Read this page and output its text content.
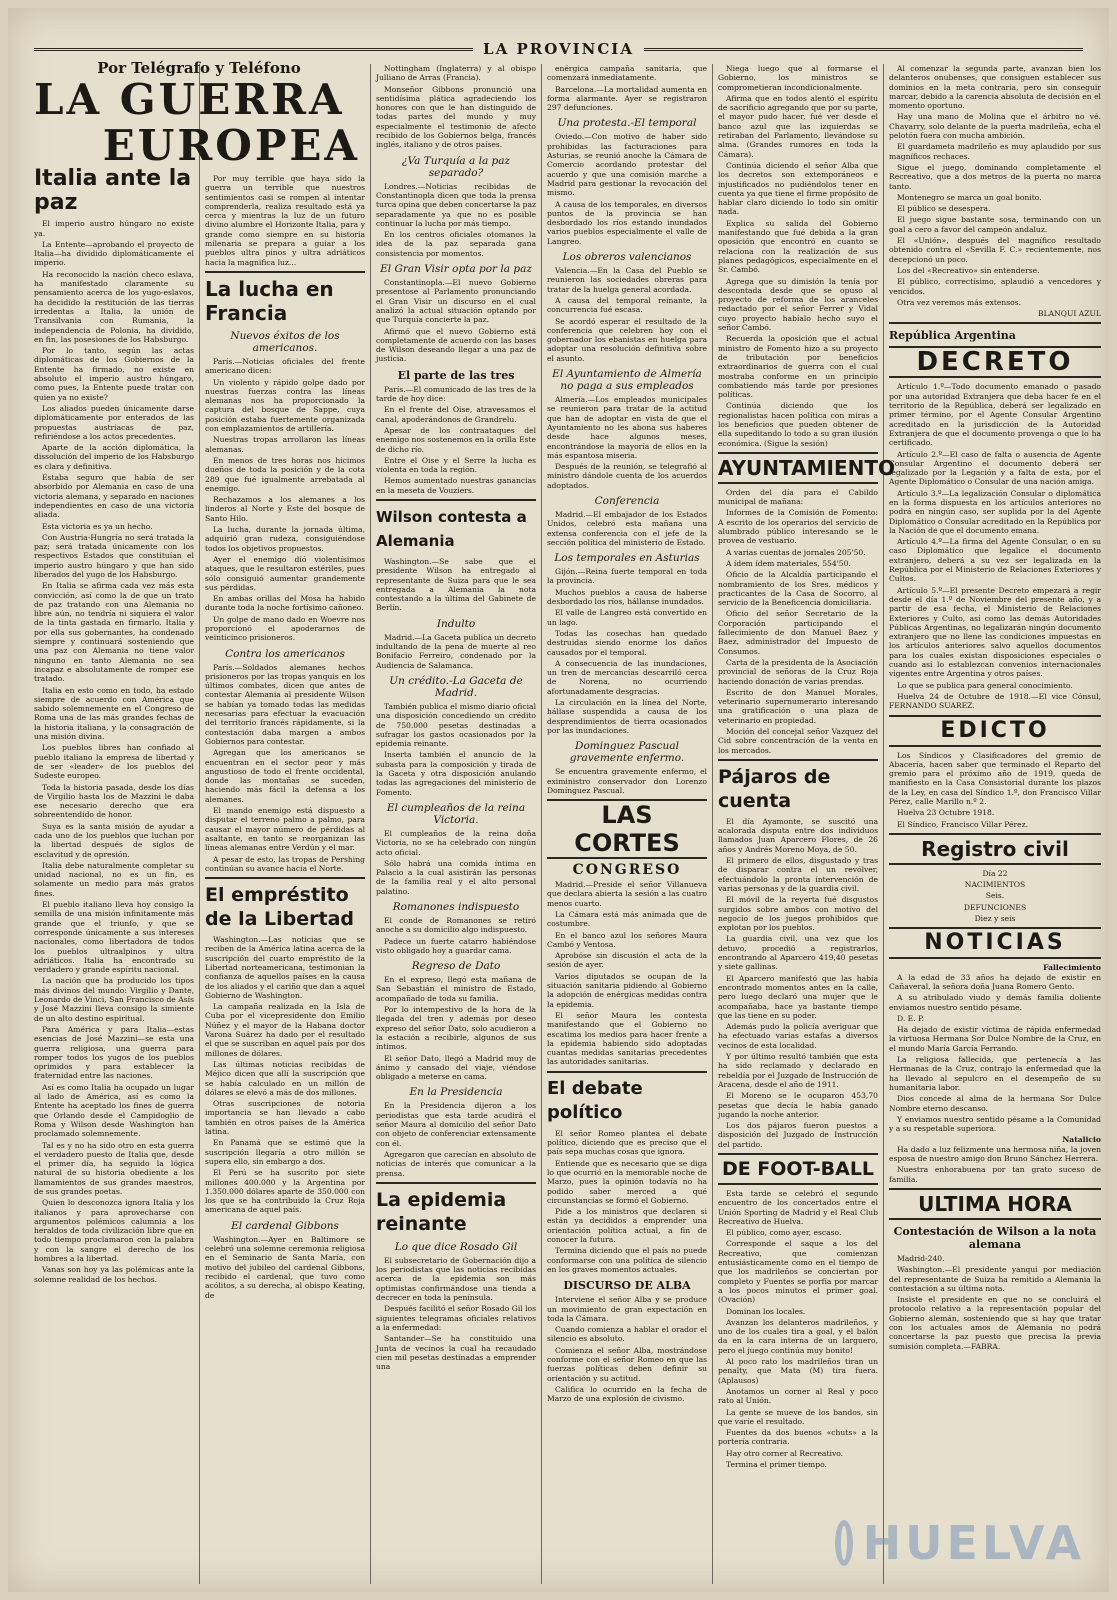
LA PROVINCIA
Por Telégrafo y Teléfono
LA GUERRA
EUROPEA
Italia ante la paz

El imperio austro húngaro no existe ya.

La Entente—aprobando el proyecto de Italia—ha dividido diplomáticamente el imperio.

Ha reconocido la nación checo eslava, ha manifestado claramente su pensamiento acerca de los yugo-eslavos, ha decidido la restitución de las tierras irredentas a Italia, la unión de Transilvania con Rumania, la independencia de Polonia, ha dividido, en fin, las posesiones de los Habsburgo.

Por lo tanto, según las actas diplomáticas de los Gobiernos de la Entente ha firmado, no existe en absoluto el imperio austro húngaro, como pues, la Entente puede tratar con quien ya no existe?

Los aliados pueden únicamente darse diplomáticamente por enterados de las propuestas austriacas de paz, refiriéndose a los actos precedentes.

Aparte de la acción diplomática, la dissolución del imperio de los Habsburgo es clara y definitiva.

Estaba seguro que había de ser absorbido por Alemania en caso de una victoria alemana, y separado en naciones independientes en caso de una victoria aliada.

Esta victoria es ya un hecho.

Con Austria-Hungría no será tratada la paz; será tratada únicamente con los respectivos Estados que constituían el imperio austro húngaro y que han sido liberados del yugo de los Habsburgo.

En Italia se afirma cada vez más esta convicción, así como la de que un trato de paz tratando con una Alemania no libre aún, no tendría ni siquiera el valor de la tinta gastada en firmarlo. Italia y por ella sus gobernantes, ha condenado siempre y continuará sosteniendo que una paz con Alemania no tiene valor ninguno en tanto Alemania no sea incapaz e absolutamente de romper ese tratado.

Italia en esto como en todo, ha estado siempre de acuerdo con América que sabido solemnemente en el Congreso de Roma una de las más grandes fechas de la historia italiana, y la consagración de una misión divina.

Los pueblos libres han confiado al pueblo italiano la empresa de libertad y de ser «leader» de los pueblos del Sudeste europeo.

Toda la historia pasada, desde los días de Virgilio hasta los de Mazzini le daba ese necesario derecho que era sobreentendido de honor.

Suya es la santa misión de ayudar a cada uno de los pueblos que luchan por la libertad después de siglos de esclavitud y de opresión.

Italia debe naturalmente completar su unidad nacional, no es un fin, es solamente un medio para más gratos fines.

El pueblo italiano lleva hoy consigo la semilla de una misión infinitamente más grande que el triunfo, y que se corresponde únicamente a sus intereses nacionales, como libertadora de todos los pueblos ultraalpinos y ultra adriáticos. Italia ha encontrado su verdadero y grande espíritu nacional.

La nación que ha producido los tipos más divinos del mundo: Virgilio y Dante, Leonardo de Vinci, San Francisco de Asís y José Mazzini lleva consigo la simiente de un alto destino espiritual.

Para América y para Italia—estas esencias de José Mazzini—se esta una guerra religiosa, una guerra para romper todos los yugos de los pueblos oprimidos y para establecer la fraternidad entre las naciones.

Así es como Italia ha ocupado un lugar al lado de América, así es como la Entente ha aceptado los fines de guerra que Orlando desde el Campidoglio de Roma y Wilson desde Washington han proclamado solemnemente.

Tal es y no ha sido otro en esta guerra el verdadero puesto de Italia que, desde el primer día, ha seguido la lógica natural de su historia obediente a los llamamientos de sus grandes maestros, de sus grandes poetas.

Quien lo desconozca ignora Italia y los italianos y para aprovecharse con argumentos polémicos calumnia a los heraldos de toda civilización libre que en todo tiempo proclamaron con la palabra y con la sangre el derecho de los hombres a la libertad.

Vanas son hoy ya las polémicas ante la solemne realidad de los hechos.

Por muy terrible que haya sido la guerra un terrible que nuestros sentimientos casi se rompen al intentar comprenderla, realiza resultado está ya cerca y mientras la luz de un futuro divino alumbre el Horizonte Italia, para y grande como siempre en su historia milenaria se prepara a guiar a los pueblos ultra pinos y ultra adriáticos hacia la magnifica luz...

La lucha en Francia
Nuevos éxitos de los americanos.

París.—Noticias oficiales del frente americano dicen:

Un violento y rápido golpe dado por nuestras fuerzas contra las líneas alemanas nos ha proporcionado la captura del bosque de Sappe, cuya posición estaba fuertemente organizada con emplazamientos de artillería.

Nuestras tropas arrollaron las líneas alemanas.

En menos de tres horas nos hicimos dueños de toda la posición y de la cota 289 que fué igualmente arrebatada al enemigo.

Rechazamos a los alemanes a los linderos al Norte y Este del bosque de Santo Hilo.

La lucha, durante la jornada última, adquirió gran rudeza, consiguiéndose todos los objetivos propuestos.

Ayer el enemigo dió violentísimos ataques, que le resultaron estériles, pues sólo consiguió aumentar grandemente sus pérdidas.

En ambas orillas del Mosa ha habido durante toda la noche fortísimo cañoneo.

Un golpe de mano dado en Woevre nos proporcionó el apoderarnos de veinticinco prisioneros.

Contra los americanos

París.—Soldados alemanes hechos prisioneros por las tropas yanquis en los últimos combates, dicen que antes de contestar Alemania al presidente Wilson se habían ya tomado todas las medidas necesarias para efectuar la evacuación del territorio francés rápidamente, si la contestación daba margen a ambos Gobiernos para contestar.

Agregan que los americanos se encuentran en el sector peor y más angustioso de todo el frente occidental, donde las montañas se suceden, haciendo más fácil la defensa a los alemanes.

El mando enemigo está dispuesto a disputar el terreno palmo a palmo, para causar el mayor número de pérdidas al asaltante, en tanto se reorganizan las líneas alemanas entre Verdún y el mar.

A pesar de esto, las tropas de Pershing continúan su avance hacia el Norte.

El empréstito de la Libertad

Washington.—Las noticias que se reciben de la América latina acerca de la suscripción del cuarto empréstito de la Libertad norteamericana, testimonian la confianza de aquellos países en la causa de los aliados y el cariño que dan a aquel Gobierno de Washington.

La campaña realizada en la Isla de Cuba por el vicepresidente don Emilio Núñez y el mayor de la Habana doctor Varona Suárez ha dado por el resultado el que se suscriban en aquel país por dos millones de dólares.

Las últimas noticias recibidas de Méjico dicen que allí la suscripción que se había calculado en un millón de dólares se elevó a más de dos millones.

Otras suscripciones de notoria importancia se han llevado a cabo también en otros países de la América latina.

En Panamá que se estimó que la suscripción llegaría a otro millón se supera ello, sin embargo a dos.

El Perú se ha suscrito por siete millones 400.000 y la Argentina por 1.350.000 dólares aparte de 350.000 con los que se ha contribuido la Cruz Roja americana de aquel país.

El cardenal Gibbons

Washington.—Ayer en Baltimore se celebró una solemne ceremonia religiosa en el Seminario de Santa María, con motivo del jubileo del cardenal Gibbons, recibido el cardenal, que tuvo como acólitos, a su derecha, al obispo Keating, de

Nottingham (Inglaterra) y al obispo Julliano de Arras (Francia).

Monseñor Gibbons pronunció una sentidísima plática agradeciendo los honores con que le han distinguido de todas partes del mundo y muy especialmente el testimonio de afecto recibido de los Gobiernos belga, francés inglés, italiano y de otros países.

¿Va Turquía a la paz separado?

Londres.—Noticias recibidas de Constantinopla dicen que toda la prensa turca opina que deben concertarse la paz separadamente ya que no es posible continuar la lucha por más tiempo.

En los centros oficiales otomanos la idea de la paz separada gana consistencia por momentos.

El Gran Visir opta por la paz

Constantinopla.—El nuevo Gobierno presentose al Parlamento pronunciando el Gran Visir un discurso en el cual analizó la actual situación optando por que Turquía concierte la paz.

Afirmó que el nuevo Gobierno está completamente de acuerdo con las bases de Wilson deseando llegar a una paz de justicia.

El parte de las tres

París.—El comunicado de las tres de la tarde de hoy dice:

En el frente del Oise, atravesamos el canal, apoderándonos de Grandrelu.

Apesar de los contraataques del enemigo nos sostenemos en la orilla Este de dicho río.

Entre el Oise y el Serre la lucha es violenta en toda la región.

Hemos aumentado nuestras ganancias en la meseta de Vouziers.

Wilson contesta a Alemania

Washington.—Se sabe que el presidente Wilson ha entregado al representante de Suiza para que le sea entregada a Alemania la nota contestando a la última del Gabinete de Berlín.

Indulto

Madrid.—La Gaceta publica un decreto indultando de la pena de muerte al reo Bonifacio Ferreiro, condenado por la Audiencia de Salamanca.

Un crédito.-La Gaceta de Madrid.

También publica el mismo diario oficial una disposición concediendo un crédito de 750.000 pesetas destinadas a sufragar los gastos ocasionados por la epidemia reinante.

Inserta también el anuncio de la subasta para la composición y tirada de la Gaceta y otra disposición anulando todas las agregaciones del ministerio de Fomento.

El cumpleaños de la reina Victoria.

El cumpleaños de la reina doña Victoria, no se ha celebrado con ningún acto oficial.

Sólo habrá una comida íntima en Palacio a la cual asistirán las personas de la familia real y el alto personal palatino.

Romanones indispuesto

El conde de Romanones se retiró anoche a su domicilio algo indispuesto.

Padece un fuerte catarro habiéndose visto obligado hoy a guardar cama.

Regreso de Dato

En el expreso, llegó esta mañana de San Sebastián el ministro de Estado, acompañado de toda su familia.

Por lo intempestivo de la hora de la llegada del tren y además por deseo expreso del señor Dato, solo acudieron a la estación a recibirle, algunos de sus íntimos.

El señor Dato, llegó a Madrid muy de ánimo y cansado del viaje, viéndose obligado a meterse en cama.

En la Presidencia

En la Presidencia dijeron a los periodistas que esta tarde acudirá el señor Maura al domicilio del señor Dato con objeto de conferenciar extensamente con él.

Agregaron que carecían en absoluto de noticias de interés que comunicar a la prensa.

La epidemia reinante
Lo que dice Rosado Gil

El subsecretario de Gobernación dijo a los periodistas que las noticias recibidas acerca de la epidemia son más optimistas confirmándose una tienda a decrecer en toda la península.

Después facilitó el señor Rosado Gil los siguientes telegramas oficiales relativos a la enfermedad:

Santander—Se ha constituido una Junta de vecinos la cual ha recaudado cien mil pesetas destinadas a emprender una

enérgica campaña sanitaria, que comenzará inmediatamente.

Barcelona.—La mortalidad aumenta en forma alarmante. Ayer se registraron 297 defunciones.

Una protesta.-El temporal

Oviedo.—Con motivo de haber sido prohibidas las facturaciones para Asturias, se reunió anoche la Cámara de Comercio acordando protestar del acuerdo y que una comisión marche a Madrid para gestionar la revocación del mismo.

A causa de los temporales, en diversos puntos de la provincia se han desbordado los ríos estando inundados varios pueblos especialmente el valle de Langreo.

Los obreros valencianos

Valencia.—En la Casa del Pueblo se reunieron las sociedades obreras para tratar de la huelga general acordada.

A causa del temporal reinante, la concurrencia fué escasa.

Se acordó esperar el resultado de la conferencia que celebren hoy con el gobernador los ebanistas en huelga para adoptar una resolución definitiva sobre el asunto.

El Ayuntamiento de Almería no paga a sus empleados

Almería.—Los empleados municipales se reunieron para tratar de la actitud que han de adoptar en vista de que el Ayuntamiento no les abona sus haberes desde hace algunos meses, encontrándose la mayoría de ellos en la más espantosa miseria.

Después de la reunión, se telegrafió al ministro dándole cuenta de los acuerdos adoptados.

Conferencia

Madrid.—El embajador de los Estados Unidos, celebró esta mañana una extensa conferencia con el jefe de la sección política del ministerio de Estado.

Los temporales en Asturias

Gijón.—Reina fuerte temporal en toda la provincia.

Muchos pueblos a causa de haberse desbordado los ríos, hállanse inundados.

El valle de Langreo está convertido en un lago.

Todas las cosechas han quedado destruidas siendo enorme los daños causados por el temporal.

A consecuencia de las inundaciones, un tren de mercancías descarriló cerca de Norena, no ocurriendo afortunadamente desgracias.

La circulación en la línea del Norte, hállase suspendida a causa de los desprendimientos de tierra ocasionados por las inundaciones.

Dominguez Pascual gravemente enfermo.

Se encuentra gravemente enfermo, el exiministro conservador don Lorenzo Domínguez Pascual.

LAS CORTES
CONGRESO

Madrid.—Preside el señor Villanueva que declara abierta la sesión a las cuatro menos cuarto.

La Cámara está más animada que de costumbre.

En el banco azul los señores Maura Cambó y Ventosa.

Aprobóse sin discusión el acta de la sesión de ayer.

Varios diputados se ocupan de la situación sanitaria pidiendo al Gobierno la adopción de enérgicas medidas contra la epidemia.

El señor Maura les contesta manifestando que el Gobierno no escatima los medios para hacer frente a la epidemia habiendo sido adoptadas cuantas medidas sanitarias precedentes las autoridades sanitarias.

El debate político

El señor Romeo plantea el debate político, diciendo que es preciso que el país sepa muchas cosas que ignora.

Entiende que es necesario que se diga lo que ocurrió en la memorable noche de Marzo, pues la opinión todavía no ha podido saber merced a qué circunstancias se formó el Gobierno.

Pide a los ministros que declaren si están ya decididos a emprender una orientación política actual, a fin de conocer la futura.

Termina diciendo que el país no puede conformarse con una política de silencio en los graves momentos actuales.

DISCURSO DE ALBA

Interviene el señor Alba y se produce un movimiento de gran expectación en toda la Cámara.

Cuando comienza a hablar el orador el silencio es absoluto.

Comienza el señor Alba, mostrándose conforme con el señor Romeo en que las fuerzas políticas deben definir su orientación y su actitud.

Califica lo ocurrido en la fecha de Marzo de una explosión de civismo.

Niega luego que al formarse el Gobierno, los ministros se comprometieran incondicionalmente.

Afirma que en todos alentó el espíritu de sacrificio agregando que por su parte, el mayor pudo hacer, fué ver desde el banco azul que las izquierdas se retiraban del Parlamento, llevándose su alma. (Grandes rumores en toda la Cámara).

Continúa diciendo el señor Alba que los decretos son extemporáneos e injustificados no pudiéndolos tener en cuenta ya que tiene el firme propósito de hablar claro diciendo lo todo sin omitir nada.

Explica su salida del Gobierno manifestando que fué debida a la gran oposición que encontró en cuanto se relaciona con la realización de sus planes pedagógicos, especialmente en el Sr. Cambó.

Agrega que su dimisión la tenía por descontada desde que se opuso al proyecto de reforma de los aranceles redactado por el señor Ferrer y Vidal cuyo proyecto habíalo hecho suyo el señor Cambó.

Recuerda la oposición que el actual ministro de Fomento hizo a su proyecto de tributación por beneficios extraordinarios de guerra con el cual mostraba conforme en un principio combatiendo más tarde por presiones políticas.

Continúa diciendo que los regionalistas hacen política con miras a los beneficios que pueden obtener de ella supeditando lo todo a su gran ilusión económica. (Sigue la sesión)

AYUNTAMIENTO

Orden del día para el Cabildo municipal de mañana:

Informes de la Comisión de Fomento: A escrito de los operarios del servicio de alumbrado público interesando se le provea de vestuario.

A varias cuentas de jornales 205'50.

A ídem ídem materiales, 554'50.

Oficio de la Alcaldía participando el nombramiento de los Sres. médicos y practicantes de la Casa de Socorro, al servicio de la Beneficencia domiciliaria.

Oficio del señor Secretario de la Corporación participando el fallecimiento de don Manuel Baez y Baez, administrador del Impuesto de Consumos.

Carta de la presidenta de la Asociación provincial de señoras de la Cruz Roja haciendo donación de varias prendas.

Escrito de don Manuel Morales, veterinario supernumerario interesando una gratificación o una plaza de veterinario en propiedad.

Moción del concejal señor Vazquez del Cid sobre concentración de la venta en los mercados.

Pájaros de cuenta

El día Ayamonte, se suscitó una acalorada disputa entre dos individuos llamados Juan Aparcero Flores, de 26 años y Andrés Moreno Moya, de 50.

El primero de ellos, disgustado y tras de disparar contra el un revólver, efectuándolo la pronta intervención de varias personas y de la guardia civil.

El móvil de la reyerta fué disgustos surgidos sobre ambos con motivo del negocio de los juegos prohibidos que explotan por los pueblos.

La guardia civil, una vez que los detuvo, procedió a registrarlos, encontrando al Aparcero 419,40 pesetas y siete gallinas.

El Aparcero manifestó que las había encontrado momentos antes en la calle, pero luego declaró una mujer que le acompañaba, hace ya bastante tiempo que las tiene en su poder.

Además pudo la policía averiguar que ha efectuado varias estafas a diversos vecinos de esta localidad.

Y por último resultó también que esta ha sido reclamado y declarado en rebeldía por el Juzgado de Instrucción de Aracena, desde el año de 1911.

El Moreno se le ocuparon 453,70 pesetas que decía le había ganado jugando la noche anterior.

Los dos pájaros fueron puestos a disposición del Juzgado de Instrucción del partido.

DE FOOT-BALL

Esta tarde se celebró el segundo encuentro de los concertados entre el Unión Sporting de Madrid y el Real Club Recreativo de Huelva.

El público, como ayer, escaso.

Corresponde el saque a los del Recreativo, que comienzan entusiásticamente como en el tiempo de que los madrileños se conciertan por completo y Fuentes se porfía por marcar a los pocos minutos el primer goal. (Ovación)

Dominan los locales.

Avanzan los delanteros madrileños, y uno de los cuales tira a goal, y el balón da en la cara interna de un larguero, pero el juego continúa muy bonito!

Al poco rato los madrileños tiran un penalty, que Mata (M) tira fuera. (Aplausos)

Anotamos un corner al Real y poco rato al Unión.

La gente se mueve de los bandos, sin que varíe el resultado.

Fuentes da dos buenos «chuts» a la portería contraria.

Hay otro corner al Recreativo.

Termina el primer tiempo.

Al comenzar la segunda parte, avanzan bien los delanteros onubenses, que consiguen establecer sus dominios en la meta contraria, pero sin conseguir marcar, debido a la carencia absoluta de decisión en el momento oportuno.

Hay una mano de Molina que el árbitro no vé. Chavarry, solo delante de la puerta madrileña, echa el pelotón fuera con mucha ambición.

El guardameta madrileño es muy aplaudido por sus magníficos rechaces.

Sigue el juego, dominando completamente el Recreativo, que a dos metros de la puerta no marca tanto.

Montenegro se marca un goal bonito.

El público se desespera.

El juego sigue bastante sosa, terminando con un goal a cero a favor del campeón andaluz.

El «Unión», después del magnífico resultado obtenido contra el «Sevilla F. C.» recientemente, nos decepcionó un poco.

Los del «Recreativo» sin entenderse.

El público, correctísimo, aplaudió a vencedores y vencidos.

Otra vez veremos más extensos.

BLANQUI AZUL
República Argentina
DECRETO

Artículo 1.º—Todo documento emanado o pasado por una autoridad Extranjera que deba hacer fe en el territorio de la República, deberá ser legalizado en primer término, por el Agente Consular Argentino acreditado en la jurisdicción de la Autoridad Extranjera de que el documento provenga o que lo ha certificado.

Artículo 2.º—El caso de falta o ausencia de Agente Consular Argentino el documento deberá ser legalizado por la Legación y a falta de esta, por el Agente Diplomático o Consular de una nación amiga.

Artículo 3.º—La legalización Consular o diplomática en la forma dispuesta en los artículos anteriores no podrá en ningún caso, ser suplida por la del Agente Diplomático o Consular acreditado en la República por la Nación de que el documento emana.

Artículo 4.º—La firma del Agente Consular, o en su caso Diplomático que legalice el documento extranjero, deberá a su vez ser legalizada en la República por el Ministerio de Relaciones Exteriores y Cultos.

Artículo 5.º—El presente Decreto empezará a regir desde el día 1.º de Noviembre del presente año, y a partir de esa fecha, el Ministerio de Relaciones Exteriores y Culto, así como las demás Autoridades Públicas Argentinas, no legalizarán ningún documento extranjero que no llene las condiciones impuestas en los artículos anteriores salvo aquellos documentos para los cuales existan disposiciones especiales o cuando así lo establezcan convenios internacionales vigentes entre Argentina y otros países.

Lo que se publica para general conocimiento.

Huelva 24 de Octubre de 1918.—El vice Cónsul, FERNANDO SUAREZ.

EDICTO

Los Síndicos y Clasificadores del gremio de Abacería, hacen saber que terminado el Reparto del gremio para el próximo año de 1919, queda de manifiesto en la Casa Consistorial durante los plazos de la Ley, en casa del Síndico 1.º, don Francisco Villar Pérez, calle Marillo n.º 2.

Huelva 23 Octubre 1918.

El Síndico, Francisco Villar Pérez.

Registro civil

Día 22

NACIMIENTOS

Seis.

DEFUNCIONES

Diez y seis

NOTICIAS
Fallecimiento

A la edad de 33 años ha dejado de existir en Cañaveral, la señora doña Juana Romero Gento.

A su atribulado viudo y demás familia doliente enviamos nuestro sentido pésame.

D. E. P.

Ha dejado de existir víctima de rápida enfermedad la virtuosa Hermana Sor Dulce Nombre de la Cruz, en el mundo María García Ferrando.

La religiosa fallecida, que pertenecía a las Hermanas de la Cruz, contrajo la enfermedad que la ha llevado al sepulcro en el desempeño de su humanitaria labor.

Dios concede al alma de la hermana Sor Dulce Nombre eterno descanso.

Y enviamos nuestro sentido pésame a la Comunidad y a su respetable superiora.

Natalicio

Ha dado a luz felizmente una hermosa niña, la joven esposa de nuestro amigo don Bruno Sánchez Herrera.

Nuestra enhorabuena por tan grato suceso de familia.

ULTIMA HORA
Contestación de Wilson a la nota alemana

Madrid-240.

Washington.—El presidente yanqui por mediación del representante de Suiza ha remitido a Alemania la contestación a su última nota.

Insiste el presidente en que no se concluirá el protocolo relativo a la representación popular del Gobierno alemán, sosteniendo que si hay que tratar con los actuales amos de Alemania no podrá concertarse la paz puesto que precisa la previa sumisión completa.—FABRA.

HUELVA
